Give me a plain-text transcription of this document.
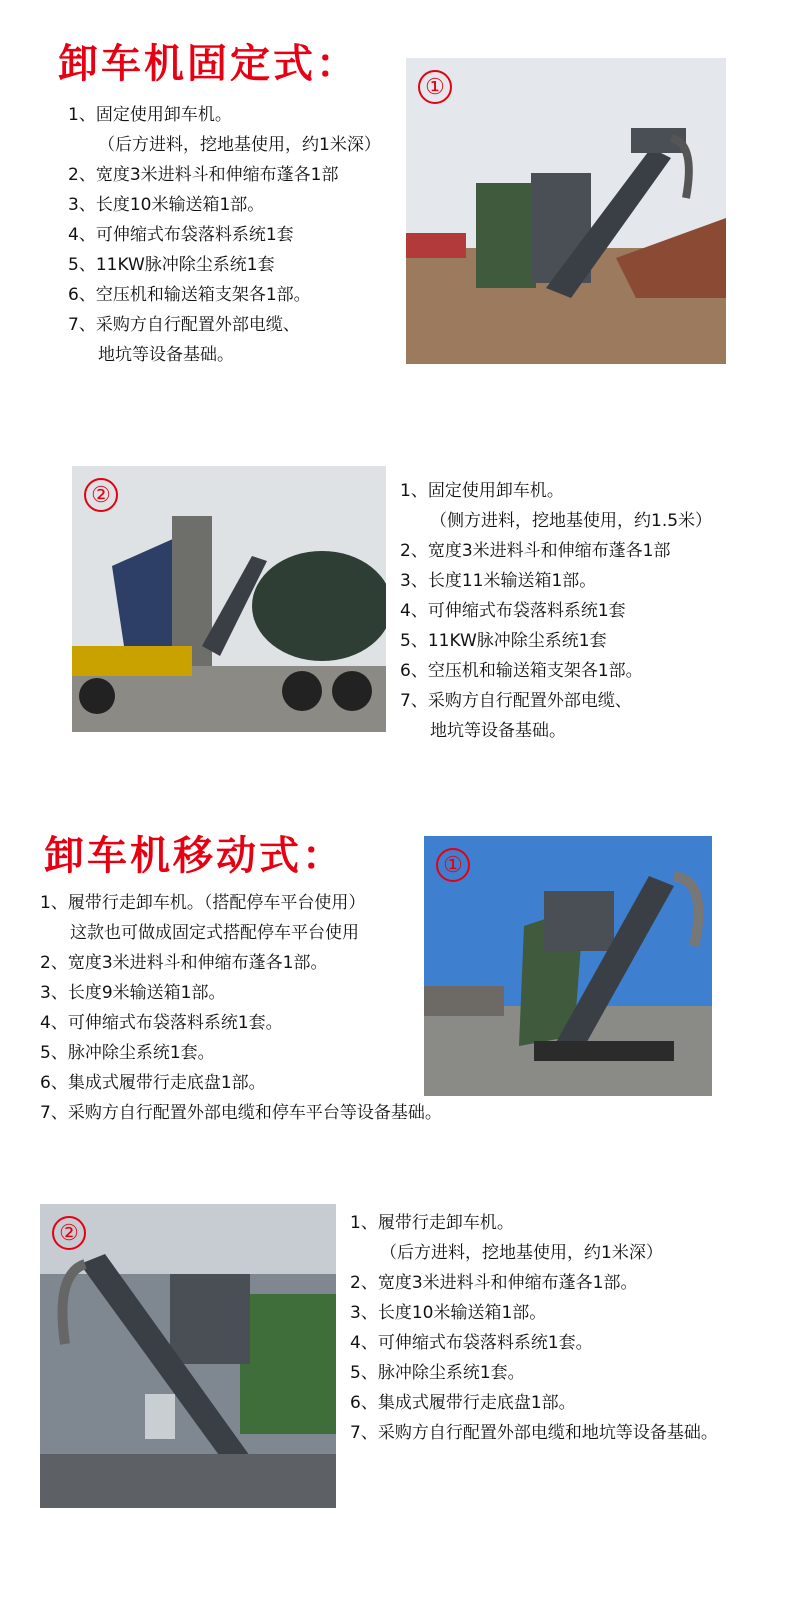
卸车机固定式：
1、固定使用卸车机。
（后方进料，挖地基使用，约1米深）
2、宽度3米进料斗和伸缩布蓬各1部
3、长度10米输送箱1部。
4、可伸缩式布袋落料系统1套
5、11KW脉冲除尘系统1套
6、空压机和输送箱支架各1部。
7、采购方自行配置外部电缆、
地坑等设备基础。
①
②	1、固定使用卸车机。
（侧方进料，挖地基使用，约1.5米）
2、宽度3米进料斗和伸缩布蓬各1部
3、长度11米输送箱1部。
4、可伸缩式布袋落料系统1套
5、11KW脉冲除尘系统1套
6、空压机和输送箱支架各1部。
7、采购方自行配置外部电缆、
地坑等设备基础。
卸车机移动式：	①
1、履带行走卸车机。（搭配停车平台使用）
这款也可做成固定式搭配停车平台使用
2、宽度3米进料斗和伸缩布蓬各1部。
3、长度9米输送箱1部。
4、可伸缩式布袋落料系统1套。
5、脉冲除尘系统1套。
6、集成式履带行走底盘1部。
7、采购方自行配置外部电缆和停车平台等设备基础。
②	1、履带行走卸车机。
（后方进料，挖地基使用，约1米深）
2、宽度3米进料斗和伸缩布蓬各1部。
3、长度10米输送箱1部。
4、可伸缩式布袋落料系统1套。
5、脉冲除尘系统1套。
6、集成式履带行走底盘1部。
7、采购方自行配置外部电缆和地坑等设备基础。
